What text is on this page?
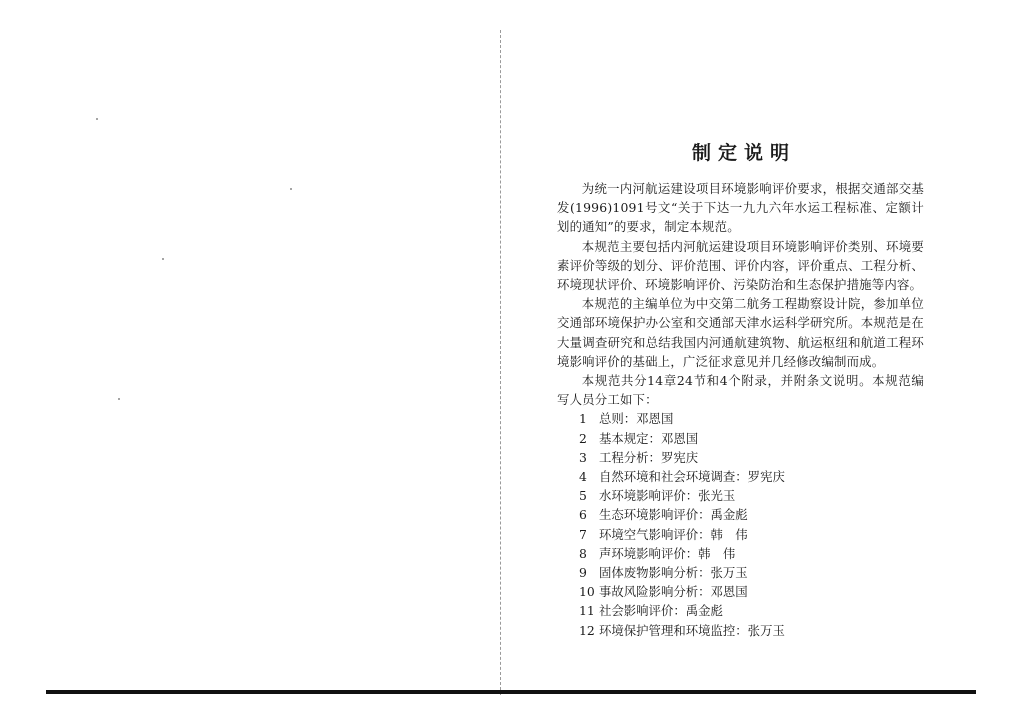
制定说明

为统一内河航运建设项目环境影响评价要求，根据交通部交基发(1996)1091号文“关于下达一九九六年水运工程标准、定额计划的通知”的要求，制定本规范。

本规范主要包括内河航运建设项目环境影响评价类别、环境要素评价等级的划分、评价范围、评价内容，评价重点、工程分析、环境现状评价、环境影响评价、污染防治和生态保护措施等内容。

本规范的主编单位为中交第二航务工程勘察设计院，参加单位交通部环境保护办公室和交通部天津水运科学研究所。本规范是在大量调查研究和总结我国内河通航建筑物、航运枢纽和航道工程环境影响评价的基础上，广泛征求意见并几经修改编制而成。

本规范共分14章24节和4个附录，并附条文说明。本规范编写人员分工如下：

1 总则：邓恩国
2 基本规定：邓恩国
3 工程分析：罗宪庆
4 自然环境和社会环境调查：罗宪庆
5 水环境影响评价：张光玉
6 生态环境影响评价：禹金彪
7 环境空气影响评价：韩　伟
8 声环境影响评价：韩　伟
9 固体废物影响分析：张万玉
10 事故风险影响分析：邓恩国
11 社会影响评价：禹金彪
12 环境保护管理和环境监控：张万玉
